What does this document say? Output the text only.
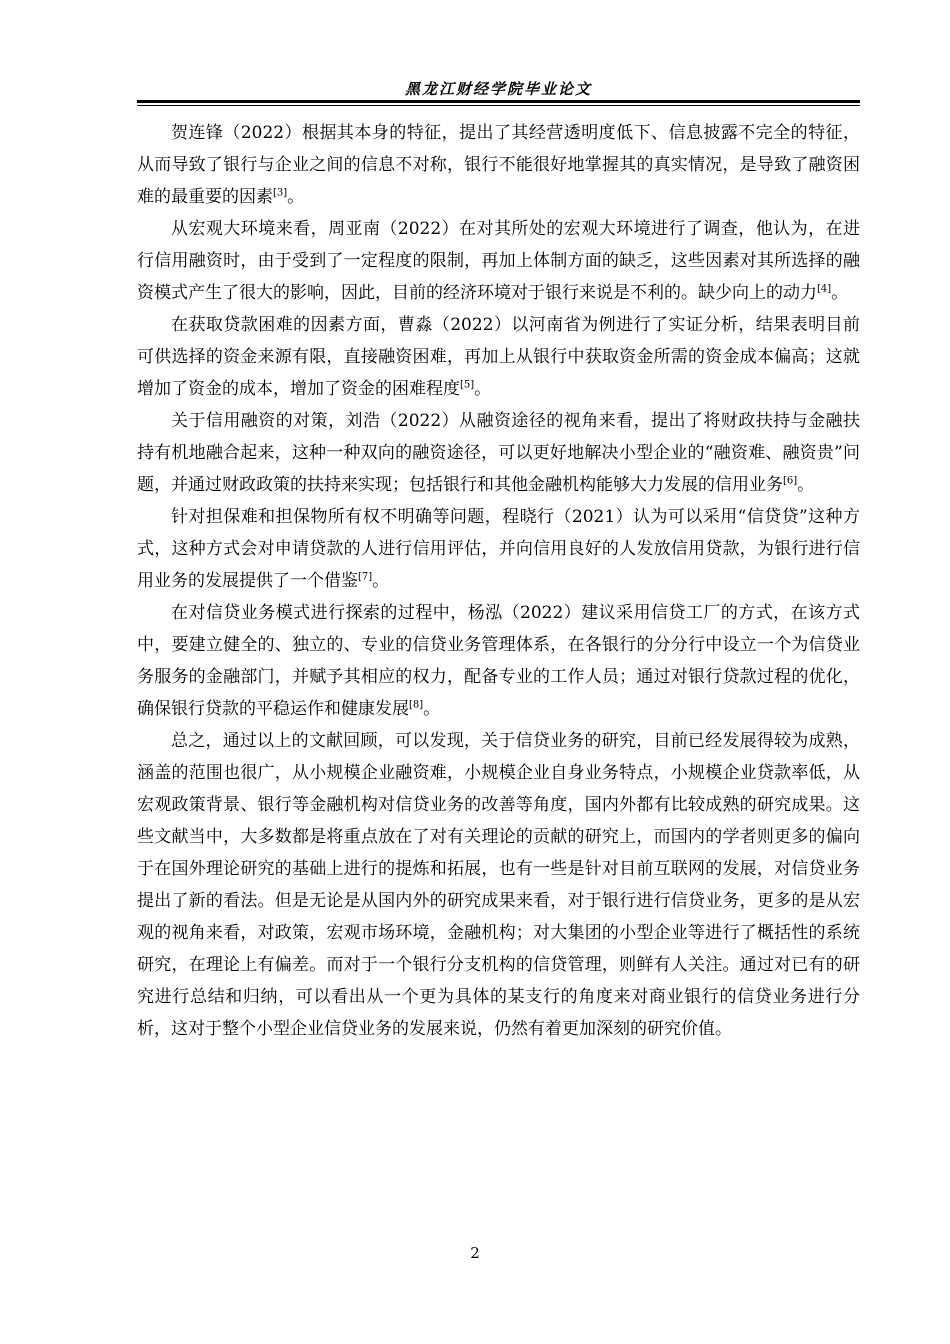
黑龙江财经学院毕业论文

贺连锋（2022）根据其本身的特征，提出了其经营透明度低下、信息披露不完全的特征，从而导致了银行与企业之间的信息不对称，银行不能很好地掌握其的真实情况，是导致了融资困难的最重要的因素[3]。

从宏观大环境来看，周亚南（2022）在对其所处的宏观大环境进行了调查，他认为，在进行信用融资时，由于受到了一定程度的限制，再加上体制方面的缺乏，这些因素对其所选择的融资模式产生了很大的影响，因此，目前的经济环境对于银行来说是不利的。缺少向上的动力[4]。

在获取贷款困难的因素方面，曹淼（2022）以河南省为例进行了实证分析，结果表明目前可供选择的资金来源有限，直接融资困难，再加上从银行中获取资金所需的资金成本偏高；这就增加了资金的成本，增加了资金的困难程度[5]。

关于信用融资的对策，刘浩（2022）从融资途径的视角来看，提出了将财政扶持与金融扶持有机地融合起来，这种一种双向的融资途径，可以更好地解决小型企业的“融资难、融资贵”问题，并通过财政政策的扶持来实现；包括银行和其他金融机构能够大力发展的信用业务[6]。

针对担保难和担保物所有权不明确等问题，程晓行（2021）认为可以采用“信贷贷”这种方式，这种方式会对申请贷款的人进行信用评估，并向信用良好的人发放信用贷款，为银行进行信用业务的发展提供了一个借鉴[7]。

在对信贷业务模式进行探索的过程中，杨泓（2022）建议采用信贷工厂的方式，在该方式中，要建立健全的、独立的、专业的信贷业务管理体系，在各银行的分分行中设立一个为信贷业务服务的金融部门，并赋予其相应的权力，配备专业的工作人员；通过对银行贷款过程的优化，确保银行贷款的平稳运作和健康发展[8]。

总之，通过以上的文献回顾，可以发现，关于信贷业务的研究，目前已经发展得较为成熟，涵盖的范围也很广，从小规模企业融资难，小规模企业自身业务特点，小规模企业贷款率低，从宏观政策背景、银行等金融机构对信贷业务的改善等角度，国内外都有比较成熟的研究成果。这些文献当中，大多数都是将重点放在了对有关理论的贡献的研究上，而国内的学者则更多的偏向于在国外理论研究的基础上进行的提炼和拓展，也有一些是针对目前互联网的发展，对信贷业务提出了新的看法。但是无论是从国内外的研究成果来看，对于银行进行信贷业务，更多的是从宏观的视角来看，对政策，宏观市场环境，金融机构；对大集团的小型企业等进行了概括性的系统研究，在理论上有偏差。而对于一个银行分支机构的信贷管理，则鲜有人关注。通过对已有的研究进行总结和归纳，可以看出从一个更为具体的某支行的角度来对商业银行的信贷业务进行分析，这对于整个小型企业信贷业务的发展来说，仍然有着更加深刻的研究价值。

2
